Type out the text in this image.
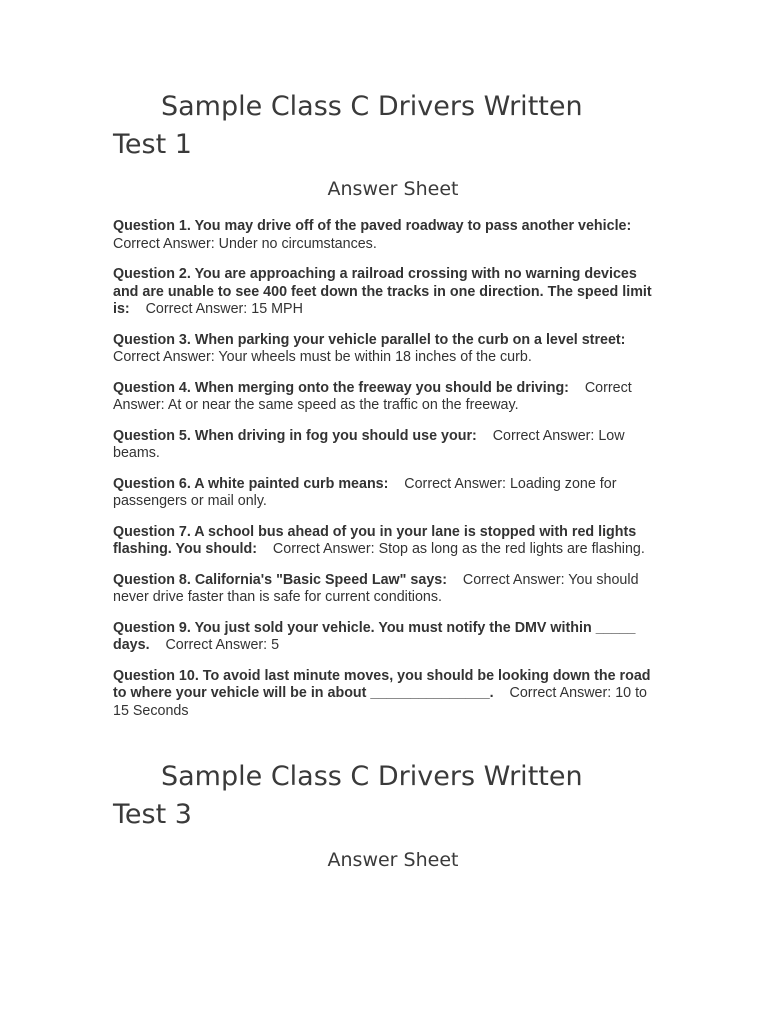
Sample Class C Drivers Written
Test 1
Answer Sheet

Question 1. You may drive off of the paved roadway to pass another vehicle:    Correct Answer: Under no circumstances.

Question 2. You are approaching a railroad crossing with no warning devices and are unable to see 400 feet down the tracks in one direction. The speed limit is: Correct Answer: 15 MPH

Question 3. When parking your vehicle parallel to the curb on a level street:    Correct Answer: Your wheels must be within 18 inches of the curb.

Question 4. When merging onto the freeway you should be driving: Correct Answer: At or near the same speed as the traffic on the freeway.

Question 5. When driving in fog you should use your: Correct Answer: Low beams.

Question 6. A white painted curb means: Correct Answer: Loading zone for passengers or mail only.

Question 7. A school bus ahead of you in your lane is stopped with red lights flashing. You should: Correct Answer: Stop as long as the red lights are flashing.

Question 8. California's "Basic Speed Law" says: Correct Answer: You should never drive faster than is safe for current conditions.

Question 9. You just sold your vehicle. You must notify the DMV within _____ days. Correct Answer: 5

Question 10. To avoid last minute moves, you should be looking down the road to where your vehicle will be in about _______________. Correct Answer: 10 to 15 Seconds

Sample Class C Drivers Written
Test 3
Answer Sheet
